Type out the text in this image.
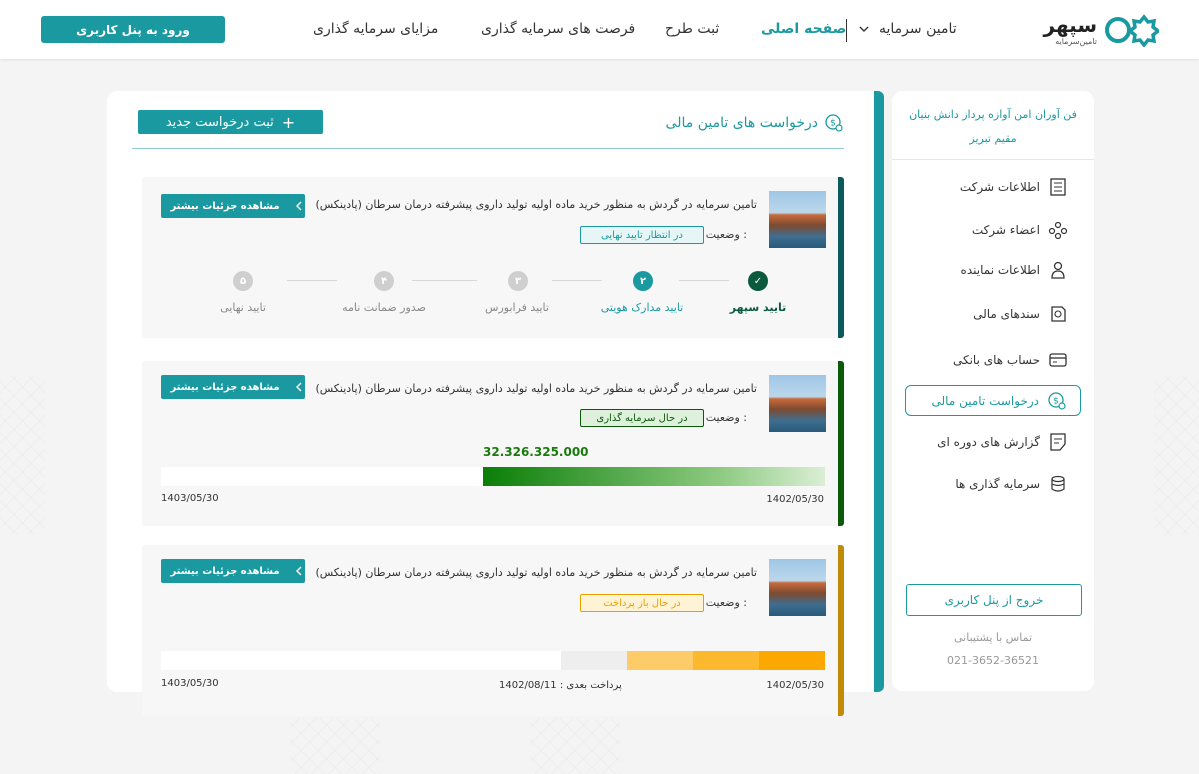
سپهر
تامین‌سرمایه
تامین سرمایه
صفحه اصلی
ثبت طرح
فرصت های سرمایه گذاری
مزایای سرمایه گذاری
ورود به پنل کاربری
فن آوران امن آوازه پرداز دانش بنیان
مقیم تبریز
اطلاعات شرکت
اعضاء شرکت
اطلاعات نماینده
سندهای مالی
حساب های بانکی
درخواست تامین مالی $
گزارش های دوره ای
سرمایه گذاری ها
خروج از پنل کاربری
تماس با پشتیبانی
021-3652-36521
درخواست های تامین مالی $
ثبت درخواست جدید +
تامین سرمایه در گردش به منظور خرید ماده اولیه تولید داروی پیشرفته درمان سرطان (پادینکس)
وضعیت :
در انتظار تایید نهایی
مشاهده جزئیات بیشتر
✓
۲
۳
۴
۵
تایید سپهر
تایید مدارک هویتی
تایید فرابورس
صدور ضمانت نامه
تایید نهایی
تامین سرمایه در گردش به منظور خرید ماده اولیه تولید داروی پیشرفته درمان سرطان (پادینکس)
وضعیت :
در حال سرمایه گذاری
مشاهده جزئیات بیشتر
32.326.325.000
1402/05/30
1403/05/30
تامین سرمایه در گردش به منظور خرید ماده اولیه تولید داروی پیشرفته درمان سرطان (پادینکس)
وضعیت :
در حال باز پرداخت
مشاهده جزئیات بیشتر
1402/05/30
پرداخت بعدی : 1402/08/11
1403/05/30
